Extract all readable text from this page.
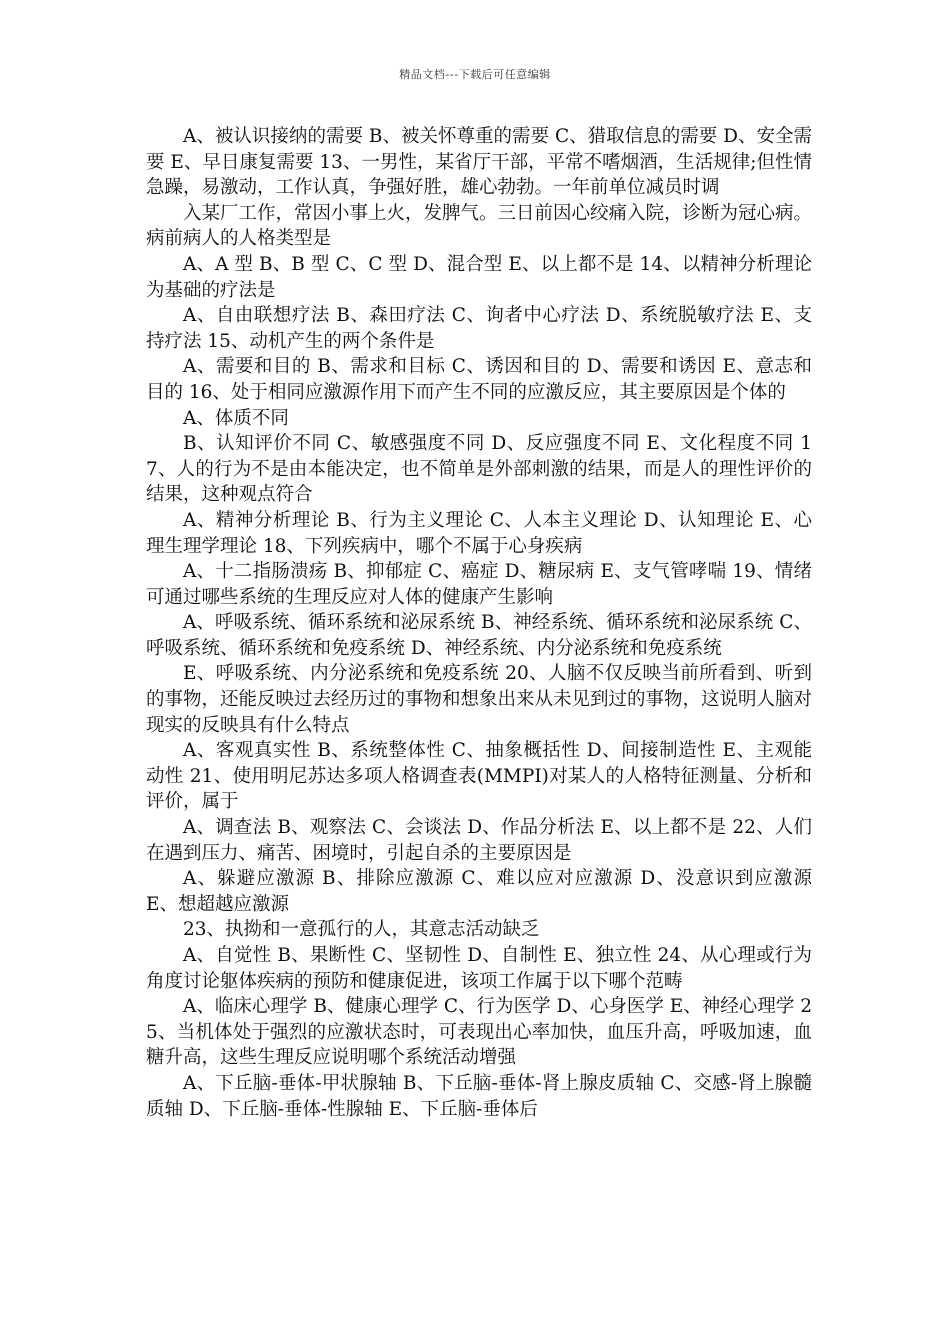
精品文档---下载后可任意编辑

A、被认识接纳的需要 B、被关怀尊重的需要 C、猎取信息的需要 D、安全需要 E、早日康复需要 13、一男性，某省厅干部，平常不嗜烟酒，生活规律;但性情急躁，易激动，工作认真，争强好胜，雄心勃勃。一年前单位减员时调

入某厂工作，常因小事上火，发脾气。三日前因心绞痛入院，诊断为冠心病。病前病人的人格类型是

A、A 型 B、B 型 C、C 型 D、混合型 E、以上都不是 14、以精神分析理论为基础的疗法是

A、自由联想疗法 B、森田疗法 C、询者中心疗法 D、系统脱敏疗法 E、支持疗法 15、动机产生的两个条件是

A、需要和目的 B、需求和目标 C、诱因和目的 D、需要和诱因 E、意志和目的 16、处于相同应激源作用下而产生不同的应激反应，其主要原因是个体的

A、体质不同

B、认知评价不同 C、敏感强度不同 D、反应强度不同 E、文化程度不同 17、人的行为不是由本能决定，也不简单是外部刺激的结果，而是人的理性评价的结果，这种观点符合

A、精神分析理论 B、行为主义理论 C、人本主义理论 D、认知理论 E、心理生理学理论 18、下列疾病中，哪个不属于心身疾病

A、十二指肠溃疡 B、抑郁症 C、癌症 D、糖尿病 E、支气管哮喘 19、情绪可通过哪些系统的生理反应对人体的健康产生影响

A、呼吸系统、循环系统和泌尿系统 B、神经系统、循环系统和泌尿系统 C、呼吸系统、循环系统和免疫系统 D、神经系统、内分泌系统和免疫系统

E、呼吸系统、内分泌系统和免疫系统 20、人脑不仅反映当前所看到、听到的事物，还能反映过去经历过的事物和想象出来从未见到过的事物，这说明人脑对现实的反映具有什么特点

A、客观真实性 B、系统整体性 C、抽象概括性 D、间接制造性 E、主观能动性 21、使用明尼苏达多项人格调查表(MMPI)对某人的人格特征测量、分析和评价，属于

A、调查法 B、观察法 C、会谈法 D、作品分析法 E、以上都不是 22、人们在遇到压力、痛苦、困境时，引起自杀的主要原因是

A、躲避应激源 B、排除应激源 C、难以应对应激源 D、没意识到应激源 E、想超越应激源

23、执拗和一意孤行的人，其意志活动缺乏

A、自觉性 B、果断性 C、坚韧性 D、自制性 E、独立性 24、从心理或行为角度讨论躯体疾病的预防和健康促进，该项工作属于以下哪个范畴

A、临床心理学 B、健康心理学 C、行为医学 D、心身医学 E、神经心理学 25、当机体处于强烈的应激状态时，可表现出心率加快，血压升高，呼吸加速，血糖升高，这些生理反应说明哪个系统活动增强

A、下丘脑-垂体-甲状腺轴 B、下丘脑-垂体-肾上腺皮质轴 C、交感-肾上腺髓质轴 D、下丘脑-垂体-性腺轴 E、下丘脑-垂体后
